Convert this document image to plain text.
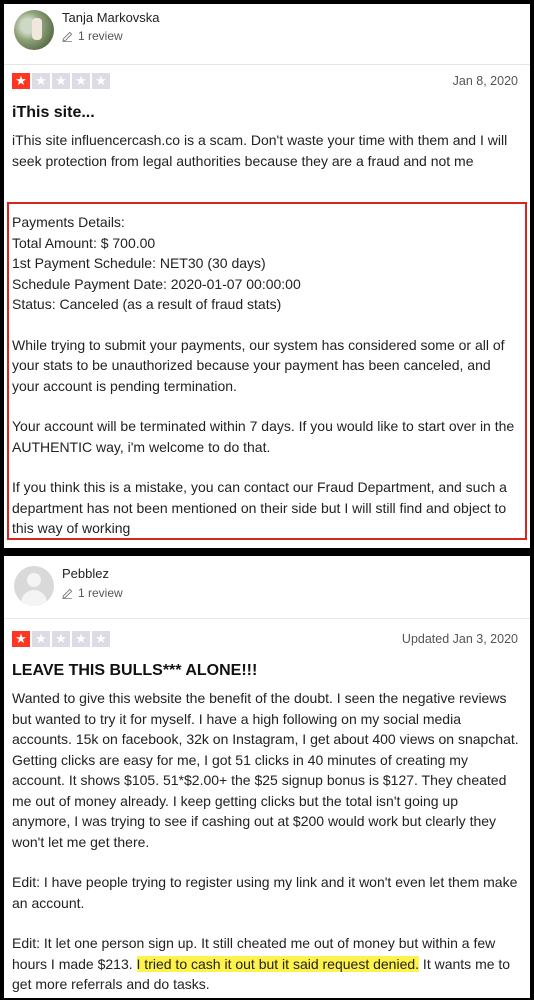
Tanja Markovska
1 review
★ ★ ★ ★ ★	Jan 8, 2020
iThis site...

iThis site influencercash.co is a scam. Don't waste your time with them and I will seek protection from legal authorities because they are a fraud and not me

Payments Details:
Total Amount: $ 700.00
1st Payment Schedule: NET30 (30 days)
Schedule Payment Date: 2020-01-07 00:00:00
Status: Canceled (as a result of fraud stats)

While trying to submit your payments, our system has considered some or all of your stats to be unauthorized because your payment has been canceled, and your account is pending termination.

Your account will be terminated within 7 days. If you would like to start over in the AUTHENTIC way, i'm welcome to do that.

If you think this is a mistake, you can contact our Fraud Department, and such a department has not been mentioned on their side but I will still find and object to this way of working

Pebblez
1 review
★ ★ ★ ★ ★	Updated Jan 3, 2020
LEAVE THIS BULLS*** ALONE!!!

Wanted to give this website the benefit of the doubt. I seen the negative reviews but wanted to try it for myself. I have a high following on my social media accounts. 15k on facebook, 32k on Instagram, I get about 400 views on snapchat. Getting clicks are easy for me, I got 51 clicks in 40 minutes of creating my account. It shows $105. 51*$2.00+ the $25 signup bonus is $127. They cheated me out of money already. I keep getting clicks but the total isn't going up anymore, I was trying to see if cashing out at $200 would work but clearly they won't let me get there.

Edit: I have people trying to register using my link and it won't even let them make an account.

Edit: It let one person sign up. It still cheated me out of money but within a few hours I made $213. I tried to cash it out but it said request denied. It wants me to get more referrals and do tasks.
